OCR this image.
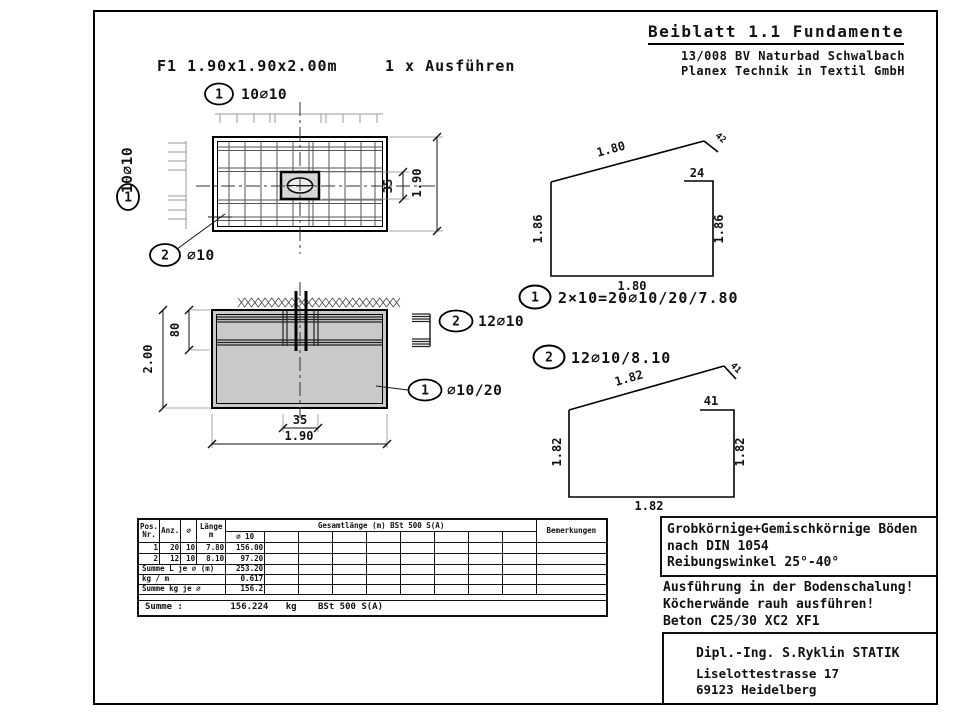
1.90
35
1 10∅10
1
10∅10
2 ∅10
80
2.00
35
1.90
2 12∅10
1 ∅10/20
1.86	1.86
1.80
24
1.80
42
1 2×10=20∅10/20/7.80
1.82	1.82
1.82
41
1.82	41
2 12∅10/8.10
Beiblatt 1.1 Fundamente
13/008 BV Naturbad Schwalbach
Planex Technik in Textil GmbH
F1 1.90x1.90x2.00m	1 x Ausführen
Pos.
Nr.	Anz.	∅	Länge
m
	Gesamtlänge (m) BSt 500 S(A)	Bemerkungen
				∅ 10									
1	20	10	7.80	156.00									
2	12	10	8.10	97.20									
Summe L je ∅ (m)				253.20									
kg / m				0.617									
Summe kg je ∅				156.2									

Summe : 156.224 kg BSt 500 S(A)													
Grobkörnige+Gemischkörnige Böden
nach DIN 1054
Reibungswinkel 25°-40°
Ausführung in der Bodenschalung!
Köcherwände rauh ausführen!
Beton C25/30 XC2 XF1
Dipl.-Ing. S.Ryklin STATIK
Liselottestrasse 17
69123 Heidelberg
